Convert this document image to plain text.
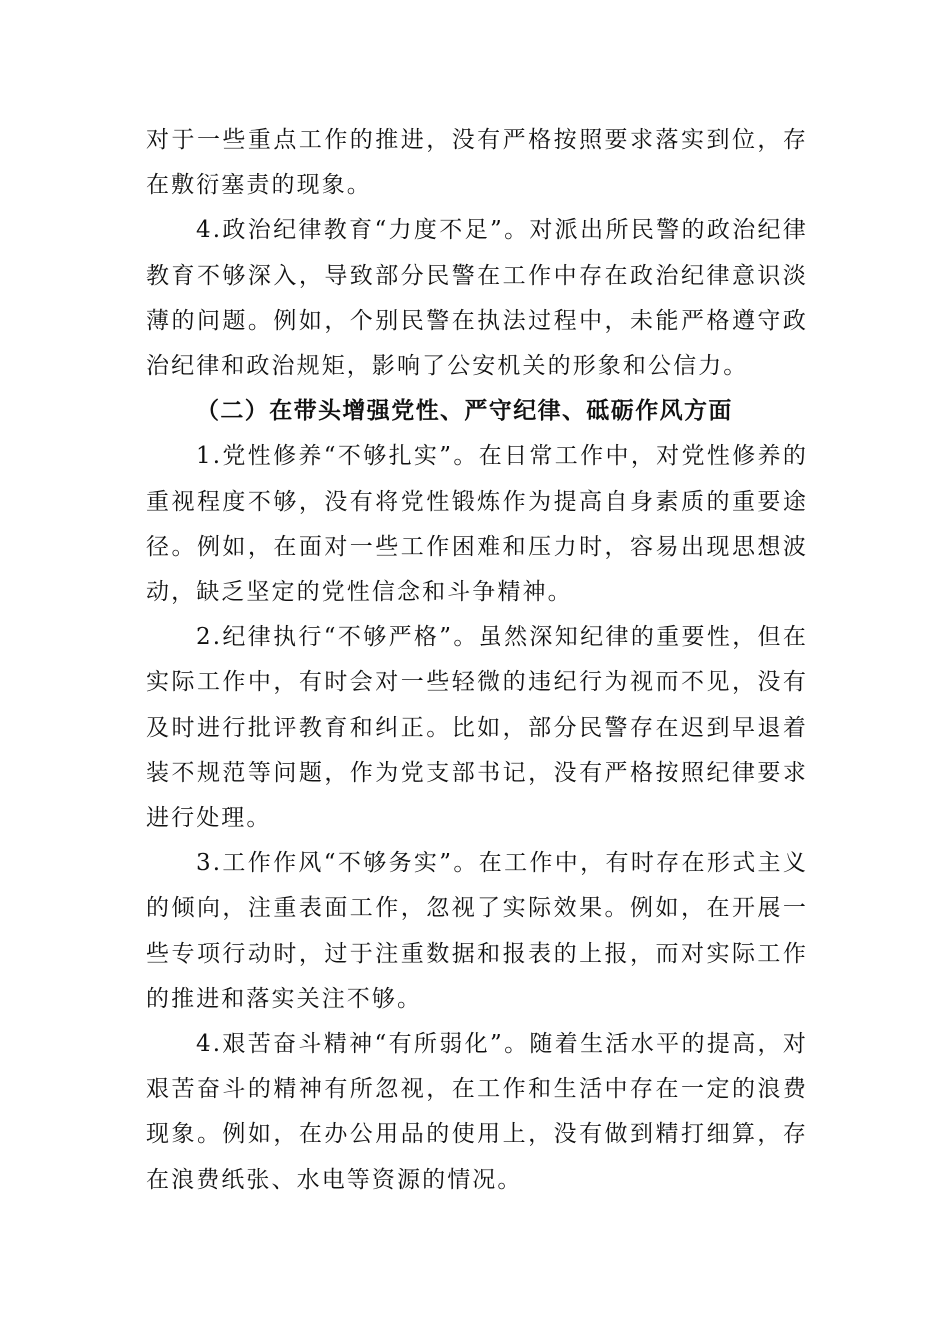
对于一些重点工作的推进，没有严格按照要求落实到位，存在敷衍塞责的现象。

4.政治纪律教育“力度不足”。对派出所民警的政治纪律教育不够深入，导致部分民警在工作中存在政治纪律意识淡薄的问题。例如，个别民警在执法过程中，未能严格遵守政治纪律和政治规矩，影响了公安机关的形象和公信力。

（二）在带头增强党性、严守纪律、砥砺作风方面

1.党性修养“不够扎实”。在日常工作中，对党性修养的重视程度不够，没有将党性锻炼作为提高自身素质的重要途径。例如，在面对一些工作困难和压力时，容易出现思想波动，缺乏坚定的党性信念和斗争精神。

2.纪律执行“不够严格”。虽然深知纪律的重要性，但在实际工作中，有时会对一些轻微的违纪行为视而不见，没有及时进行批评教育和纠正。比如，部分民警存在迟到早退着装不规范等问题，作为党支部书记，没有严格按照纪律要求进行处理。

3.工作作风“不够务实”。在工作中，有时存在形式主义的倾向，注重表面工作，忽视了实际效果。例如，在开展一些专项行动时，过于注重数据和报表的上报，而对实际工作的推进和落实关注不够。

4.艰苦奋斗精神“有所弱化”。随着生活水平的提高，对艰苦奋斗的精神有所忽视，在工作和生活中存在一定的浪费现象。例如，在办公用品的使用上，没有做到精打细算，存在浪费纸张、水电等资源的情况。
